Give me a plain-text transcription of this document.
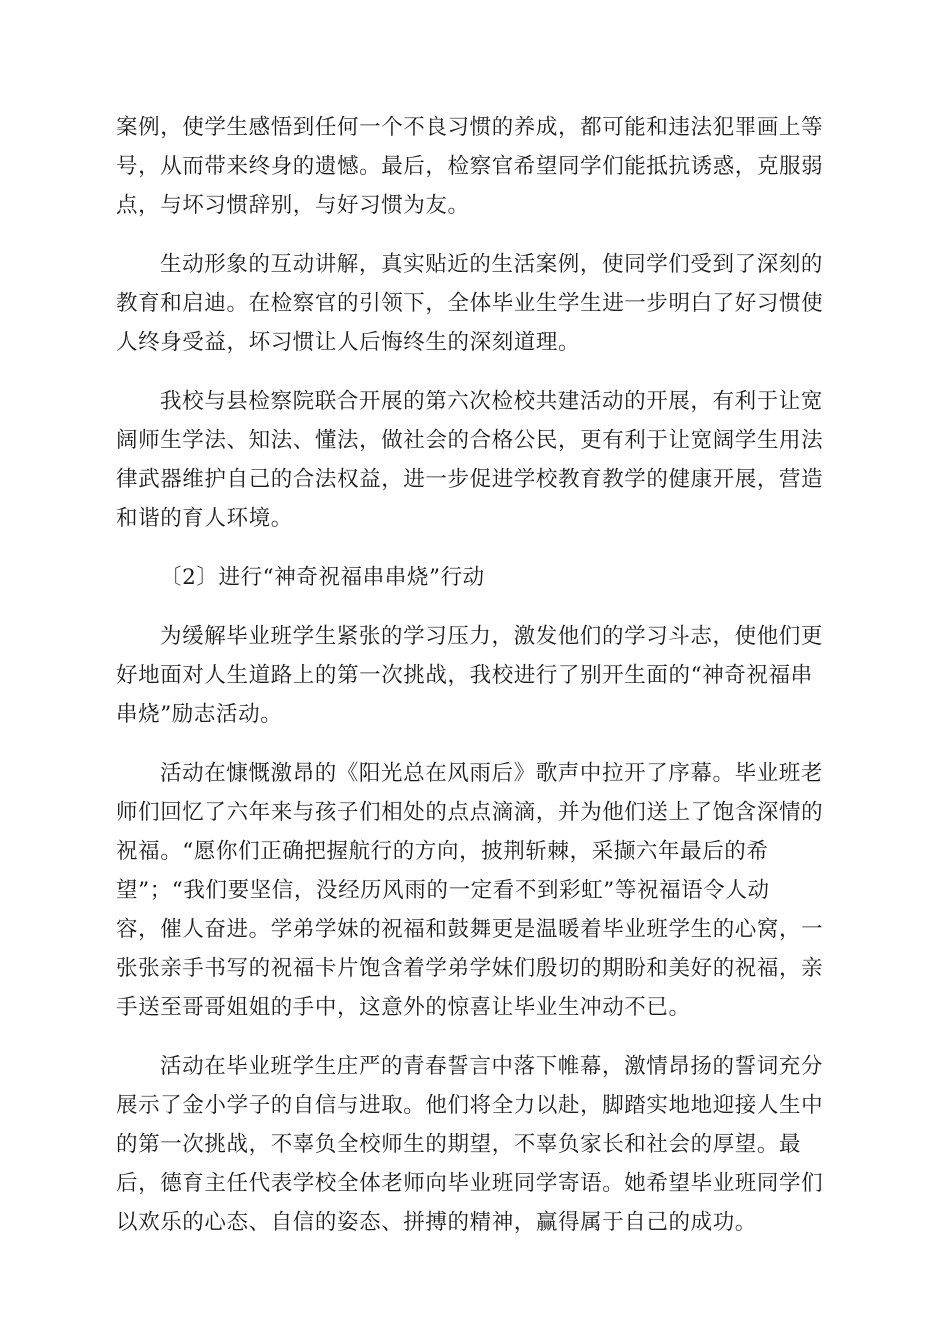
案例，使学生感悟到任何一个不良习惯的养成，都可能和违法犯罪画上等
号，从而带来终身的遗憾。最后，检察官希望同学们能抵抗诱惑，克服弱
点，与坏习惯辞别，与好习惯为友。

生动形象的互动讲解，真实贴近的生活案例，使同学们受到了深刻的
教育和启迪。在检察官的引领下，全体毕业生学生进一步明白了好习惯使
人终身受益，坏习惯让人后悔终生的深刻道理。

我校与县检察院联合开展的第六次检校共建活动的开展，有利于让宽
阔师生学法、知法、懂法，做社会的合格公民，更有利于让宽阔学生用法
律武器维护自己的合法权益，进一步促进学校教育教学的健康开展，营造
和谐的育人环境。

〔2〕进行“神奇祝福串串烧”行动

为缓解毕业班学生紧张的学习压力，激发他们的学习斗志，使他们更
好地面对人生道路上的第一次挑战，我校进行了别开生面的“神奇祝福串
串烧”励志活动。

活动在慷慨激昂的《阳光总在风雨后》歌声中拉开了序幕。毕业班老
师们回忆了六年来与孩子们相处的点点滴滴，并为他们送上了饱含深情的
祝福。“愿你们正确把握航行的方向，披荆斩棘，采撷六年最后的希
望”；“我们要坚信，没经历风雨的一定看不到彩虹”等祝福语令人动
容，催人奋进。学弟学妹的祝福和鼓舞更是温暖着毕业班学生的心窝，一
张张亲手书写的祝福卡片饱含着学弟学妹们殷切的期盼和美好的祝福，亲
手送至哥哥姐姐的手中，这意外的惊喜让毕业生冲动不已。

活动在毕业班学生庄严的青春誓言中落下帷幕，激情昂扬的誓词充分
展示了金小学子的自信与进取。他们将全力以赴，脚踏实地地迎接人生中
的第一次挑战，不辜负全校师生的期望，不辜负家长和社会的厚望。最
后，德育主任代表学校全体老师向毕业班同学寄语。她希望毕业班同学们
以欢乐的心态、自信的姿态、拼搏的精神，赢得属于自己的成功。
